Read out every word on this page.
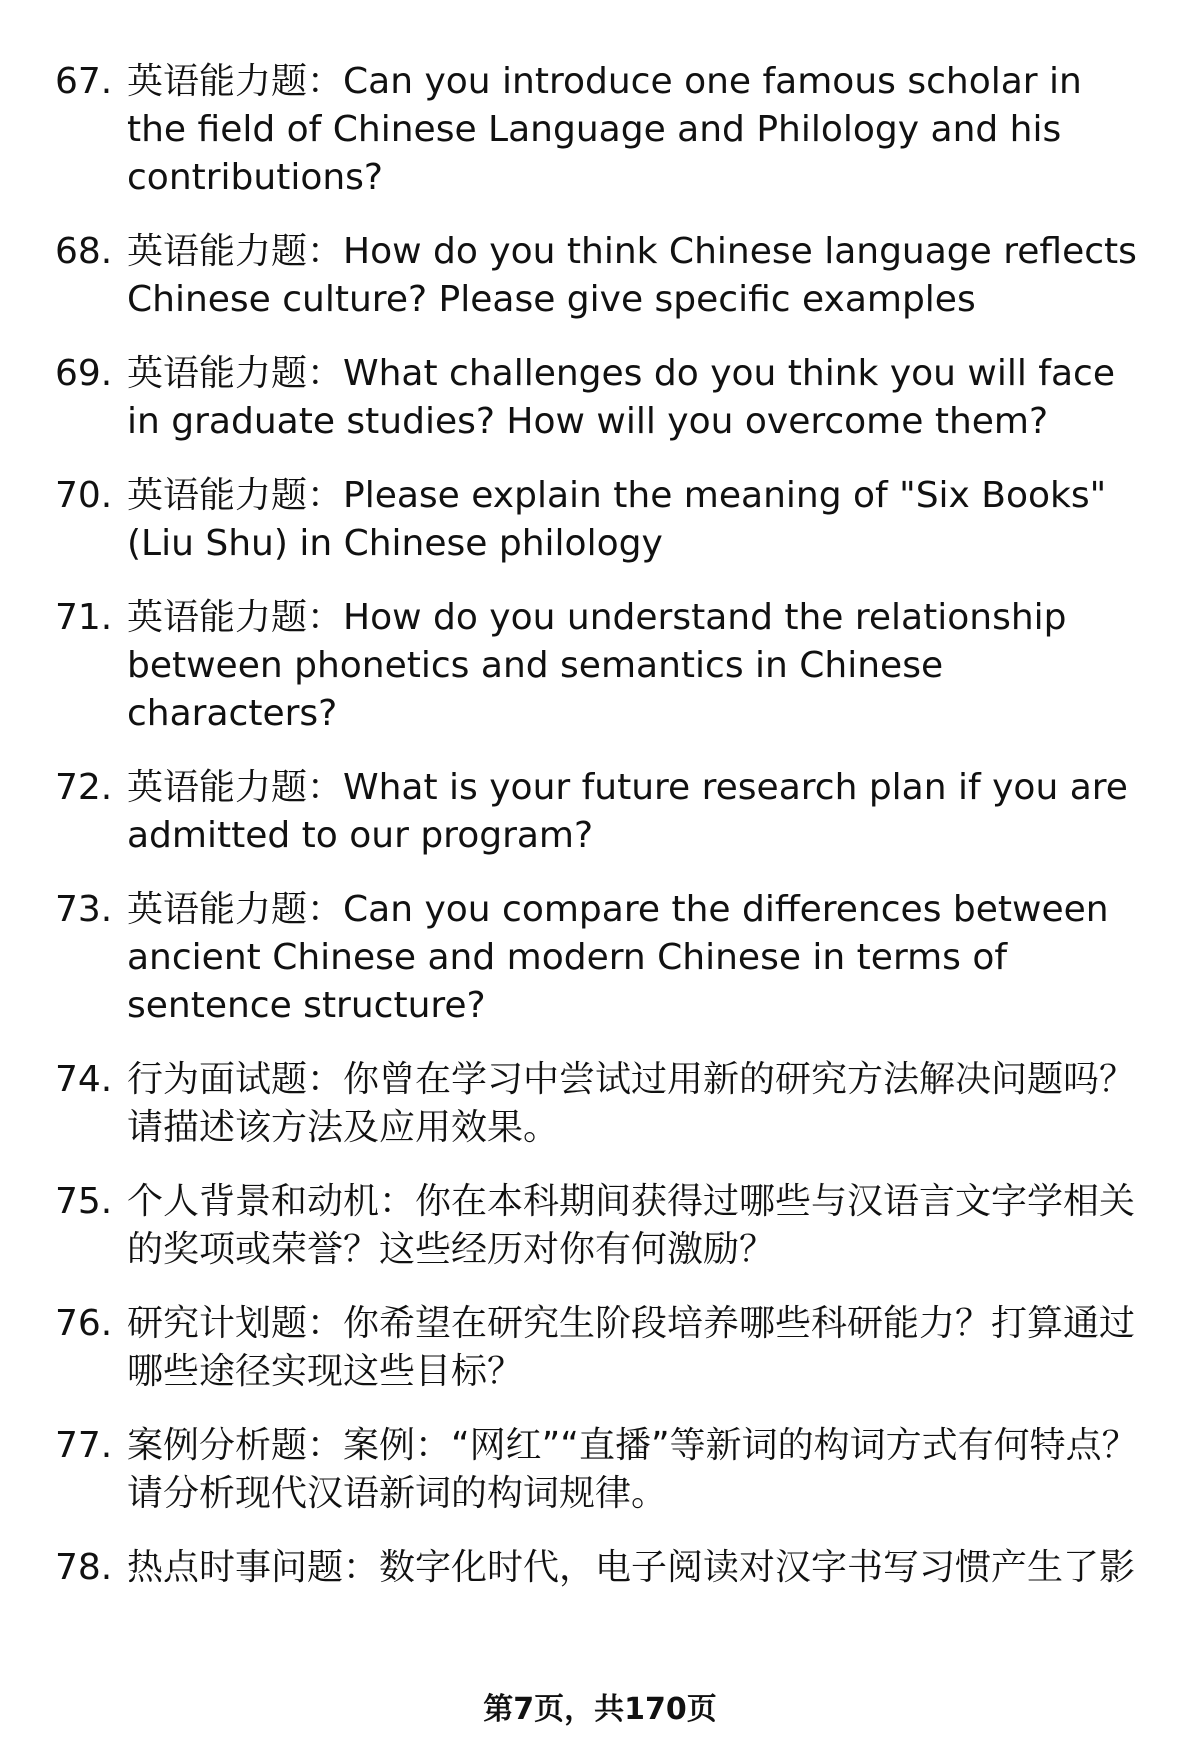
67. 英语能力题：Can you introduce one famous scholar in the field of Chinese Language and Philology and his contributions?
68. 英语能力题：How do you think Chinese language reflects Chinese culture? Please give specific examples
69. 英语能力题：What challenges do you think you will face in graduate studies? How will you overcome them?
70. 英语能力题：Please explain the meaning of "Six Books" (Liu Shu) in Chinese philology
71. 英语能力题：How do you understand the relationship between phonetics and semantics in Chinese characters?
72. 英语能力题：What is your future research plan if you are admitted to our program?
73. 英语能力题：Can you compare the differences between ancient Chinese and modern Chinese in terms of sentence structure?
74. 行为面试题：你曾在学习中尝试过用新的研究方法解决问题吗？请描述该方法及应用效果。
75. 个人背景和动机：你在本科期间获得过哪些与汉语言文字学相关的奖项或荣誉？这些经历对你有何激励？
76. 研究计划题：你希望在研究生阶段培养哪些科研能力？打算通过哪些途径实现这些目标？
77. 案例分析题：案例：“网红”“直播”等新词的构词方式有何特点？请分析现代汉语新词的构词规律。
78. 热点时事问题：数字化时代，电子阅读对汉字书写习惯产生了影
第7页，共170页
